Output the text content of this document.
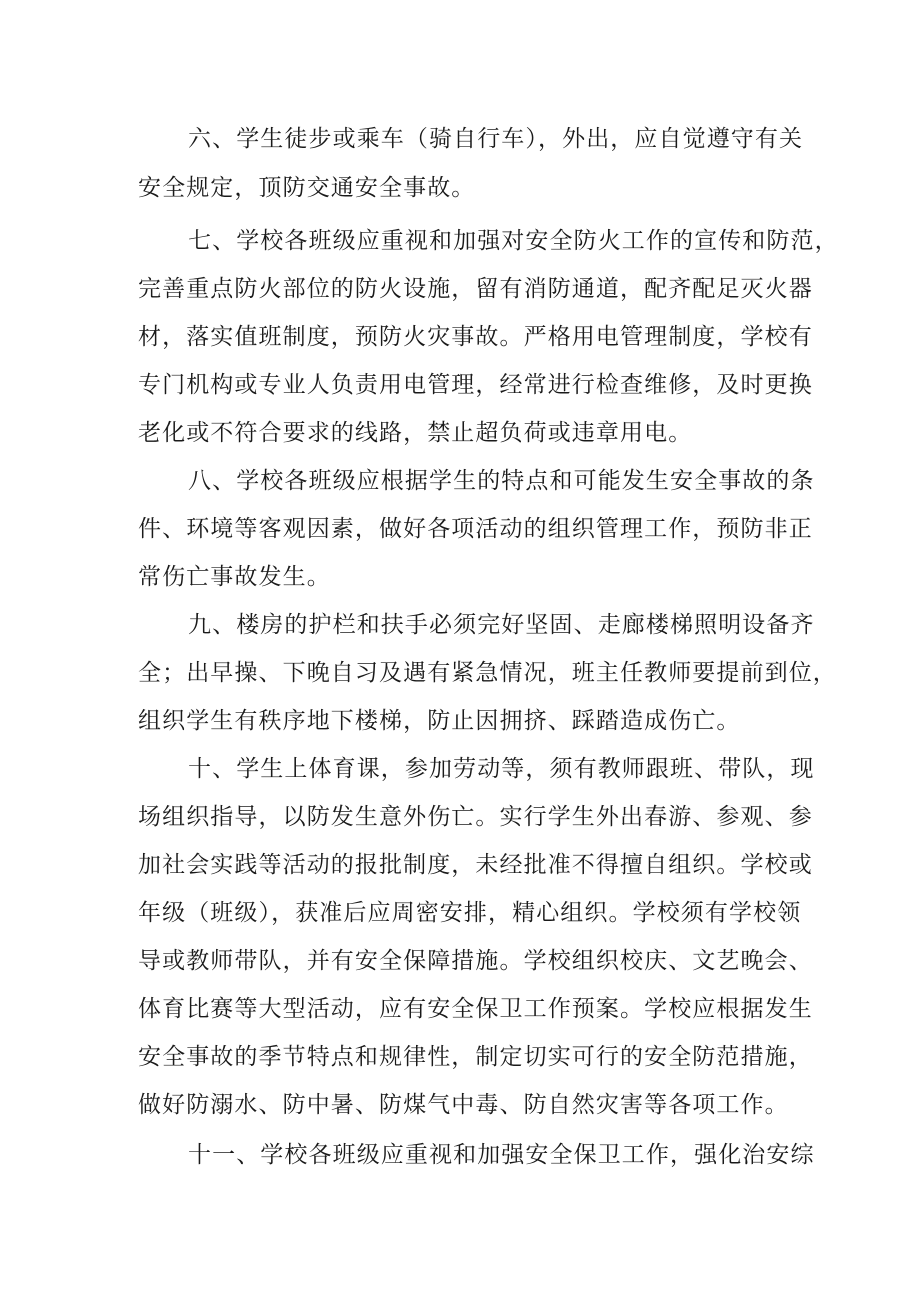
六、学生徒步或乘车（骑自行车），外出，应自觉遵守有关
安全规定，顶防交通安全事故。
七、学校各班级应重视和加强对安全防火工作的宣传和防范，
完善重点防火部位的防火设施，留有消防通道，配齐配足灭火器
材，落实值班制度，预防火灾事故。严格用电管理制度，学校有
专门机构或专业人负责用电管理，经常进行检查维修，及时更换
老化或不符合要求的线路，禁止超负荷或违章用电。
八、学校各班级应根据学生的特点和可能发生安全事故的条
件、环境等客观因素，做好各项活动的组织管理工作，预防非正
常伤亡事故发生。
九、楼房的护栏和扶手必须完好坚固、走廊楼梯照明设备齐
全；出早操、下晚自习及遇有紧急情况，班主任教师要提前到位，
组织学生有秩序地下楼梯，防止因拥挤、踩踏造成伤亡。
十、学生上体育课，参加劳动等，须有教师跟班、带队，现
场组织指导，以防发生意外伤亡。实行学生外出春游、参观、参
加社会实践等活动的报批制度，未经批准不得擅自组织。学校或
年级（班级），获准后应周密安排，精心组织。学校须有学校领
导或教师带队，并有安全保障措施。学校组织校庆、文艺晚会、
体育比赛等大型活动，应有安全保卫工作预案。学校应根据发生
安全事故的季节特点和规律性，制定切实可行的安全防范措施，
做好防溺水、防中暑、防煤气中毒、防自然灾害等各项工作。
十一、学校各班级应重视和加强安全保卫工作，强化治安综
